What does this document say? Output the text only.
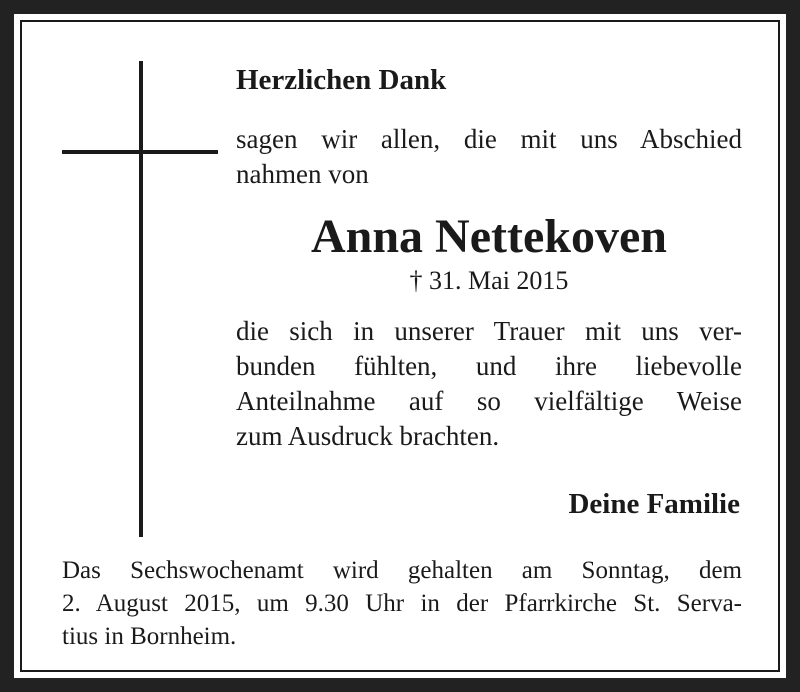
Herzlichen Dank

sagen wir allen, die mit uns Abschied
nahmen von

Anna Nettekoven

† 31. Mai 2015

die sich in unserer Trauer mit uns ver-
bunden fühlten, und ihre liebevolle
Anteilnahme auf so vielfältige Weise
zum Ausdruck brachten.

Deine Familie

Das Sechswochenamt wird gehalten am Sonntag, dem
2. August 2015, um 9.30 Uhr in der Pfarrkirche St. Serva-
tius in Bornheim.
